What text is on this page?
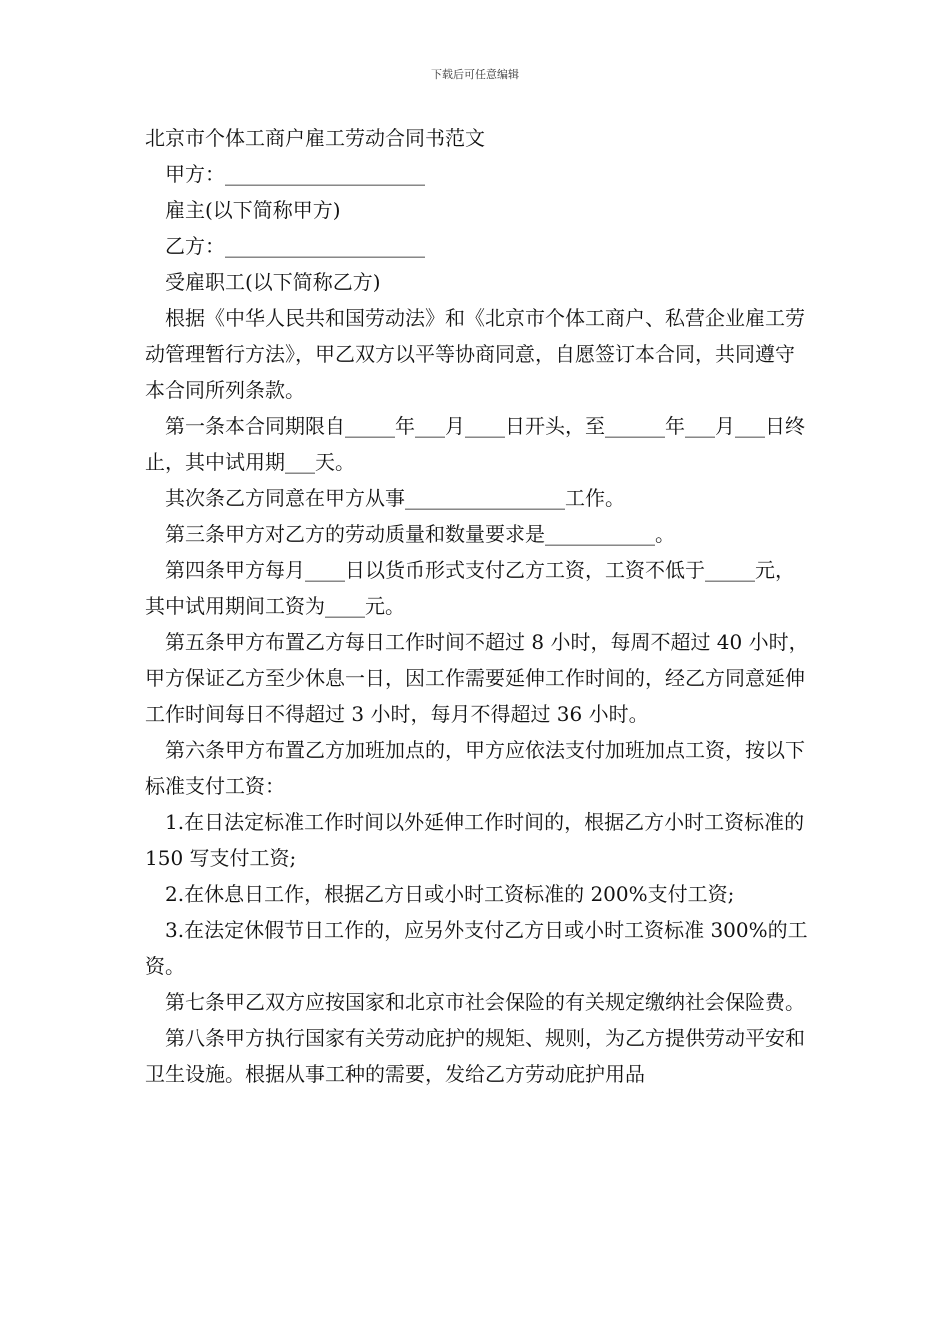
下载后可任意编辑
北京市个体工商户雇工劳动合同书范文

甲方：____________________

雇主(以下简称甲方)

乙方：____________________

受雇职工(以下简称乙方)

根据《中华人民共和国劳动法》和《北京市个体工商户、私营企业雇工劳动管理暂行方法》，甲乙双方以平等协商同意，自愿签订本合同，共同遵守本合同所列条款。

第一条本合同期限自_____年___月____日开头，至______年___月___日终止，其中试用期___天。

其次条乙方同意在甲方从事________________工作。

第三条甲方对乙方的劳动质量和数量要求是___________。

第四条甲方每月____日以货币形式支付乙方工资，工资不低于_____元，其中试用期间工资为____元。

第五条甲方布置乙方每日工作时间不超过 8 小时，每周不超过 40 小时，甲方保证乙方至少休息一日，因工作需要延伸工作时间的，经乙方同意延伸工作时间每日不得超过 3 小时，每月不得超过 36 小时。

第六条甲方布置乙方加班加点的，甲方应依法支付加班加点工资，按以下标准支付工资：

1.在日法定标准工作时间以外延伸工作时间的，根据乙方小时工资标准的 150 写支付工资;

2.在休息日工作，根据乙方日或小时工资标准的 200%支付工资;

3.在法定休假节日工作的，应另外支付乙方日或小时工资标准 300%的工资。

第七条甲乙双方应按国家和北京市社会保险的有关规定缴纳社会保险费。

第八条甲方执行国家有关劳动庇护的规矩、规则，为乙方提供劳动平安和卫生设施。根据从事工种的需要，发给乙方劳动庇护用品
